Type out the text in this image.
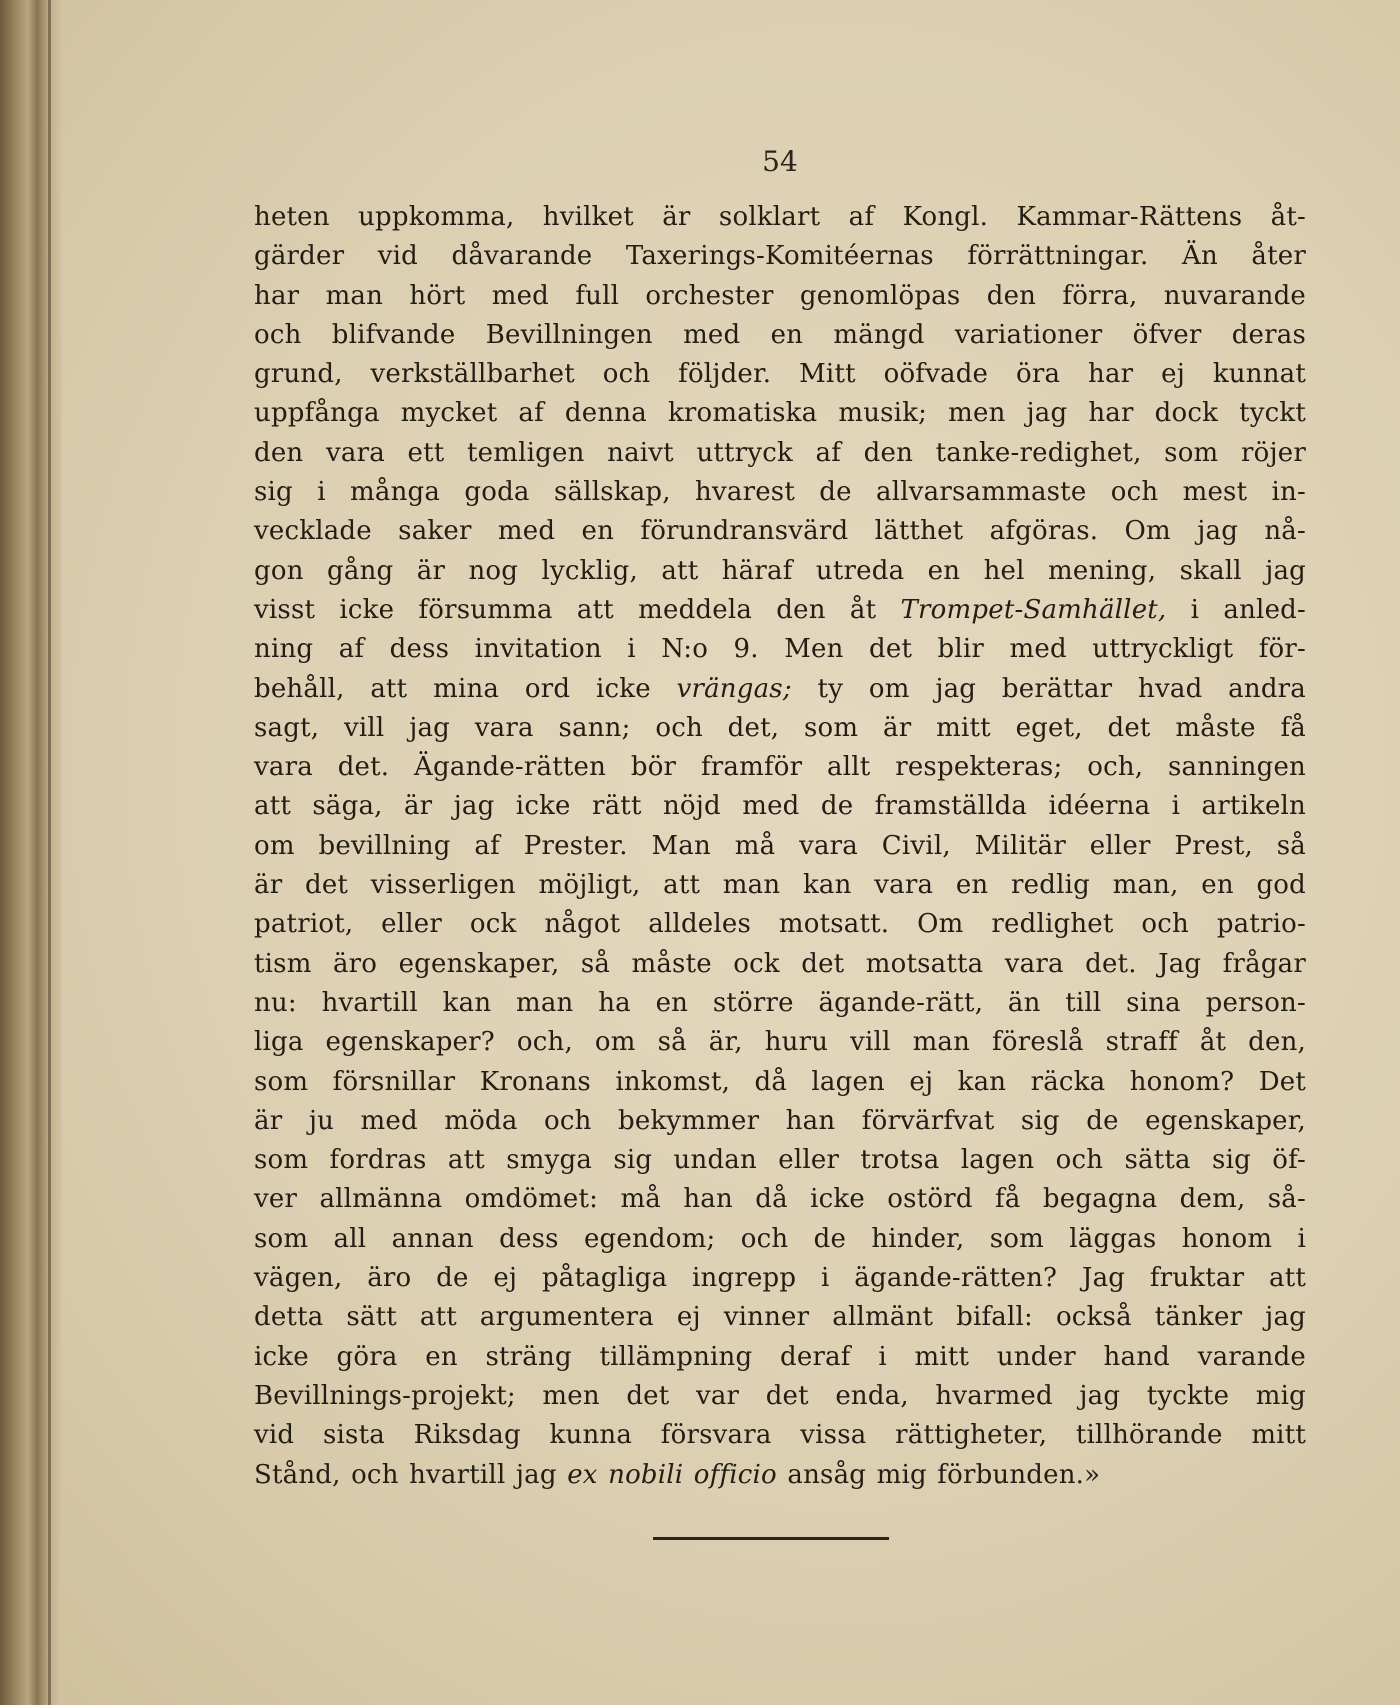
54
heten uppkomma, hvilket är solklart af Kongl. Kammar-Rättens åt-
gärder vid dåvarande Taxerings-Komitéernas förrättningar. Än åter
har man hört med full orchester genomlöpas den förra, nuvarande
och blifvande Bevillningen med en mängd variationer öfver deras
grund, verkställbarhet och följder. Mitt oöfvade öra har ej kunnat
uppfånga mycket af denna kromatiska musik; men jag har dock tyckt
den vara ett temligen naivt uttryck af den tanke-redighet, som röjer
sig i många goda sällskap, hvarest de allvarsammaste och mest in-
vecklade saker med en förundransvärd lätthet afgöras. Om jag nå-
gon gång är nog lycklig, att häraf utreda en hel mening, skall jag
visst icke försumma att meddela den åt Trompet-Samhället, i anled-
ning af dess invitation i N:o 9. Men det blir med uttryckligt för-
behåll, att mina ord icke vrängas; ty om jag berättar hvad andra
sagt, vill jag vara sann; och det, som är mitt eget, det måste få
vara det. Ägande-rätten bör framför allt respekteras; och, sanningen
att säga, är jag icke rätt nöjd med de framställda idéerna i artikeln
om bevillning af Prester. Man må vara Civil, Militär eller Prest, så
är det visserligen möjligt, att man kan vara en redlig man, en god
patriot, eller ock något alldeles motsatt. Om redlighet och patrio-
tism äro egenskaper, så måste ock det motsatta vara det. Jag frågar
nu: hvartill kan man ha en större ägande-rätt, än till sina person-
liga egenskaper? och, om så är, huru vill man föreslå straff åt den,
som försnillar Kronans inkomst, då lagen ej kan räcka honom? Det
är ju med möda och bekymmer han förvärfvat sig de egenskaper,
som fordras att smyga sig undan eller trotsa lagen och sätta sig öf-
ver allmänna omdömet: må han då icke ostörd få begagna dem, så-
som all annan dess egendom; och de hinder, som läggas honom i
vägen, äro de ej påtagliga ingrepp i ägande-rätten? Jag fruktar att
detta sätt att argumentera ej vinner allmänt bifall: också tänker jag
icke göra en sträng tillämpning deraf i mitt under hand varande
Bevillnings-projekt; men det var det enda, hvarmed jag tyckte mig
vid sista Riksdag kunna försvara vissa rättigheter, tillhörande mitt
Stånd, och hvartill jag ex nobili officio ansåg mig förbunden.»
